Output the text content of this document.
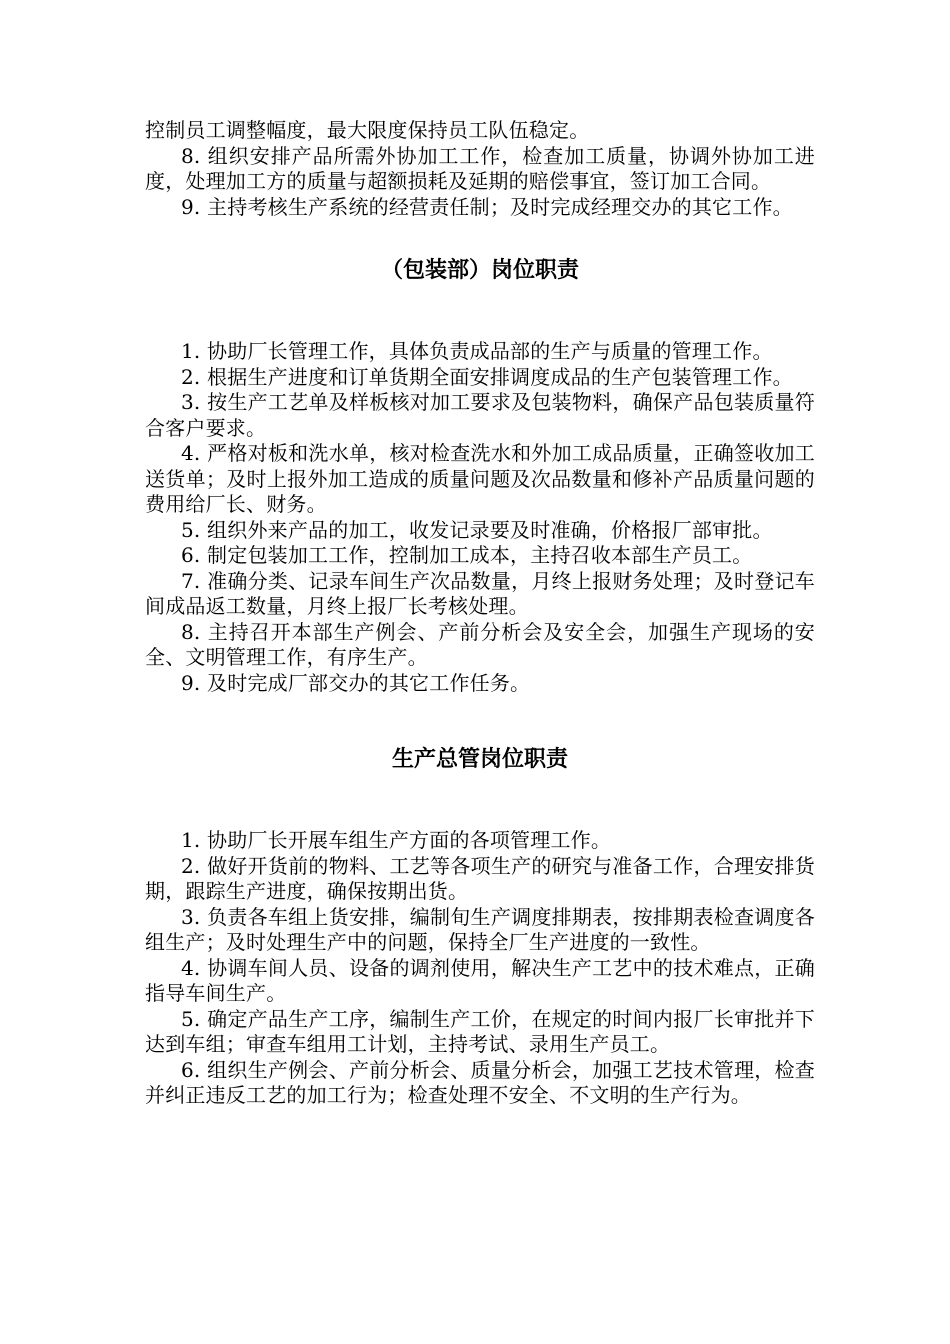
控制员工调整幅度，最大限度保持员工队伍稳定。

8. 组织安排产品所需外协加工工作，检查加工质量，协调外协加工进度，处理加工方的质量与超额损耗及延期的赔偿事宜，签订加工合同。

9. 主持考核生产系统的经营责任制；及时完成经理交办的其它工作。

（包装部）岗位职责

1. 协助厂长管理工作，具体负责成品部的生产与质量的管理工作。

2. 根据生产进度和订单货期全面安排调度成品的生产包装管理工作。

3. 按生产工艺单及样板核对加工要求及包装物料，确保产品包装质量符合客户要求。

4. 严格对板和洗水单，核对检查洗水和外加工成品质量，正确签收加工送货单；及时上报外加工造成的质量问题及次品数量和修补产品质量问题的费用给厂长、财务。

5. 组织外来产品的加工，收发记录要及时准确，价格报厂部审批。

6. 制定包装加工工作，控制加工成本，主持召收本部生产员工。

7. 准确分类、记录车间生产次品数量，月终上报财务处理；及时登记车间成品返工数量，月终上报厂长考核处理。

8. 主持召开本部生产例会、产前分析会及安全会，加强生产现场的安全、文明管理工作，有序生产。

9. 及时完成厂部交办的其它工作任务。

生产总管岗位职责

1. 协助厂长开展车组生产方面的各项管理工作。

2. 做好开货前的物料、工艺等各项生产的研究与准备工作，合理安排货期，跟踪生产进度，确保按期出货。

3. 负责各车组上货安排，编制旬生产调度排期表，按排期表检查调度各组生产；及时处理生产中的问题，保持全厂生产进度的一致性。

4. 协调车间人员、设备的调剂使用，解决生产工艺中的技术难点，正确指导车间生产。

5. 确定产品生产工序，编制生产工价，在规定的时间内报厂长审批并下达到车组；审查车组用工计划，主持考试、录用生产员工。

6. 组织生产例会、产前分析会、质量分析会，加强工艺技术管理，检查并纠正违反工艺的加工行为；检查处理不安全、不文明的生产行为。
